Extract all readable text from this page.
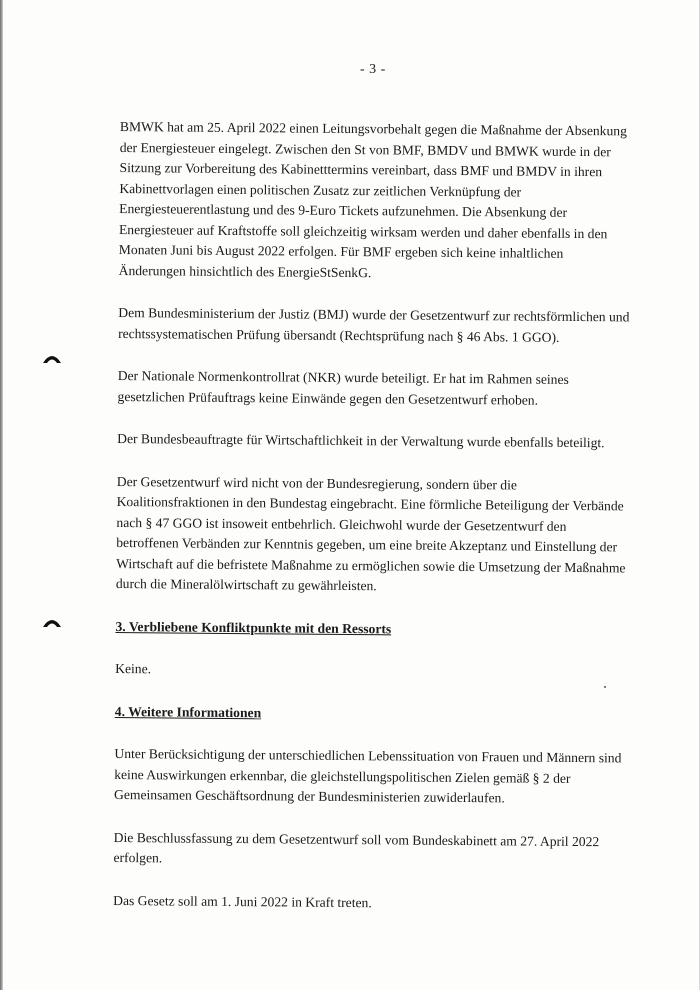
- 3 -

BMWK hat am 25. April 2022 einen Leitungsvorbehalt gegen die Maßnahme der Absenkung
der Energiesteuer eingelegt. Zwischen den St von BMF, BMDV und BMWK wurde in der
Sitzung zur Vorbereitung des Kabinetttermins vereinbart, dass BMF und BMDV in ihren
Kabinettvorlagen einen politischen Zusatz zur zeitlichen Verknüpfung der
Energiesteuerentlastung und des 9-Euro Tickets aufzunehmen. Die Absenkung der
Energiesteuer auf Kraftstoffe soll gleichzeitig wirksam werden und daher ebenfalls in den
Monaten Juni bis August 2022 erfolgen. Für BMF ergeben sich keine inhaltlichen
Änderungen hinsichtlich des EnergieStSenkG.

Dem Bundesministerium der Justiz (BMJ) wurde der Gesetzentwurf zur rechtsförmlichen und
rechtssystematischen Prüfung übersandt (Rechtsprüfung nach § 46 Abs. 1 GGO).

Der Nationale Normenkontrollrat (NKR) wurde beteiligt. Er hat im Rahmen seines
gesetzlichen Prüfauftrags keine Einwände gegen den Gesetzentwurf erhoben.

Der Bundesbeauftragte für Wirtschaftlichkeit in der Verwaltung wurde ebenfalls beteiligt.

Der Gesetzentwurf wird nicht von der Bundesregierung, sondern über die
Koalitionsfraktionen in den Bundestag eingebracht. Eine förmliche Beteiligung der Verbände
nach § 47 GGO ist insoweit entbehrlich. Gleichwohl wurde der Gesetzentwurf den
betroffenen Verbänden zur Kenntnis gegeben, um eine breite Akzeptanz und Einstellung der
Wirtschaft auf die befristete Maßnahme zu ermöglichen sowie die Umsetzung der Maßnahme
durch die Mineralölwirtschaft zu gewährleisten.

3. Verbliebene Konfliktpunkte mit den Ressorts

Keine.

4. Weitere Informationen

Unter Berücksichtigung der unterschiedlichen Lebenssituation von Frauen und Männern sind
keine Auswirkungen erkennbar, die gleichstellungspolitischen Zielen gemäß § 2 der
Gemeinsamen Geschäftsordnung der Bundesministerien zuwiderlaufen.

Die Beschlussfassung zu dem Gesetzentwurf soll vom Bundeskabinett am 27. April 2022
erfolgen.

Das Gesetz soll am 1. Juni 2022 in Kraft treten.
